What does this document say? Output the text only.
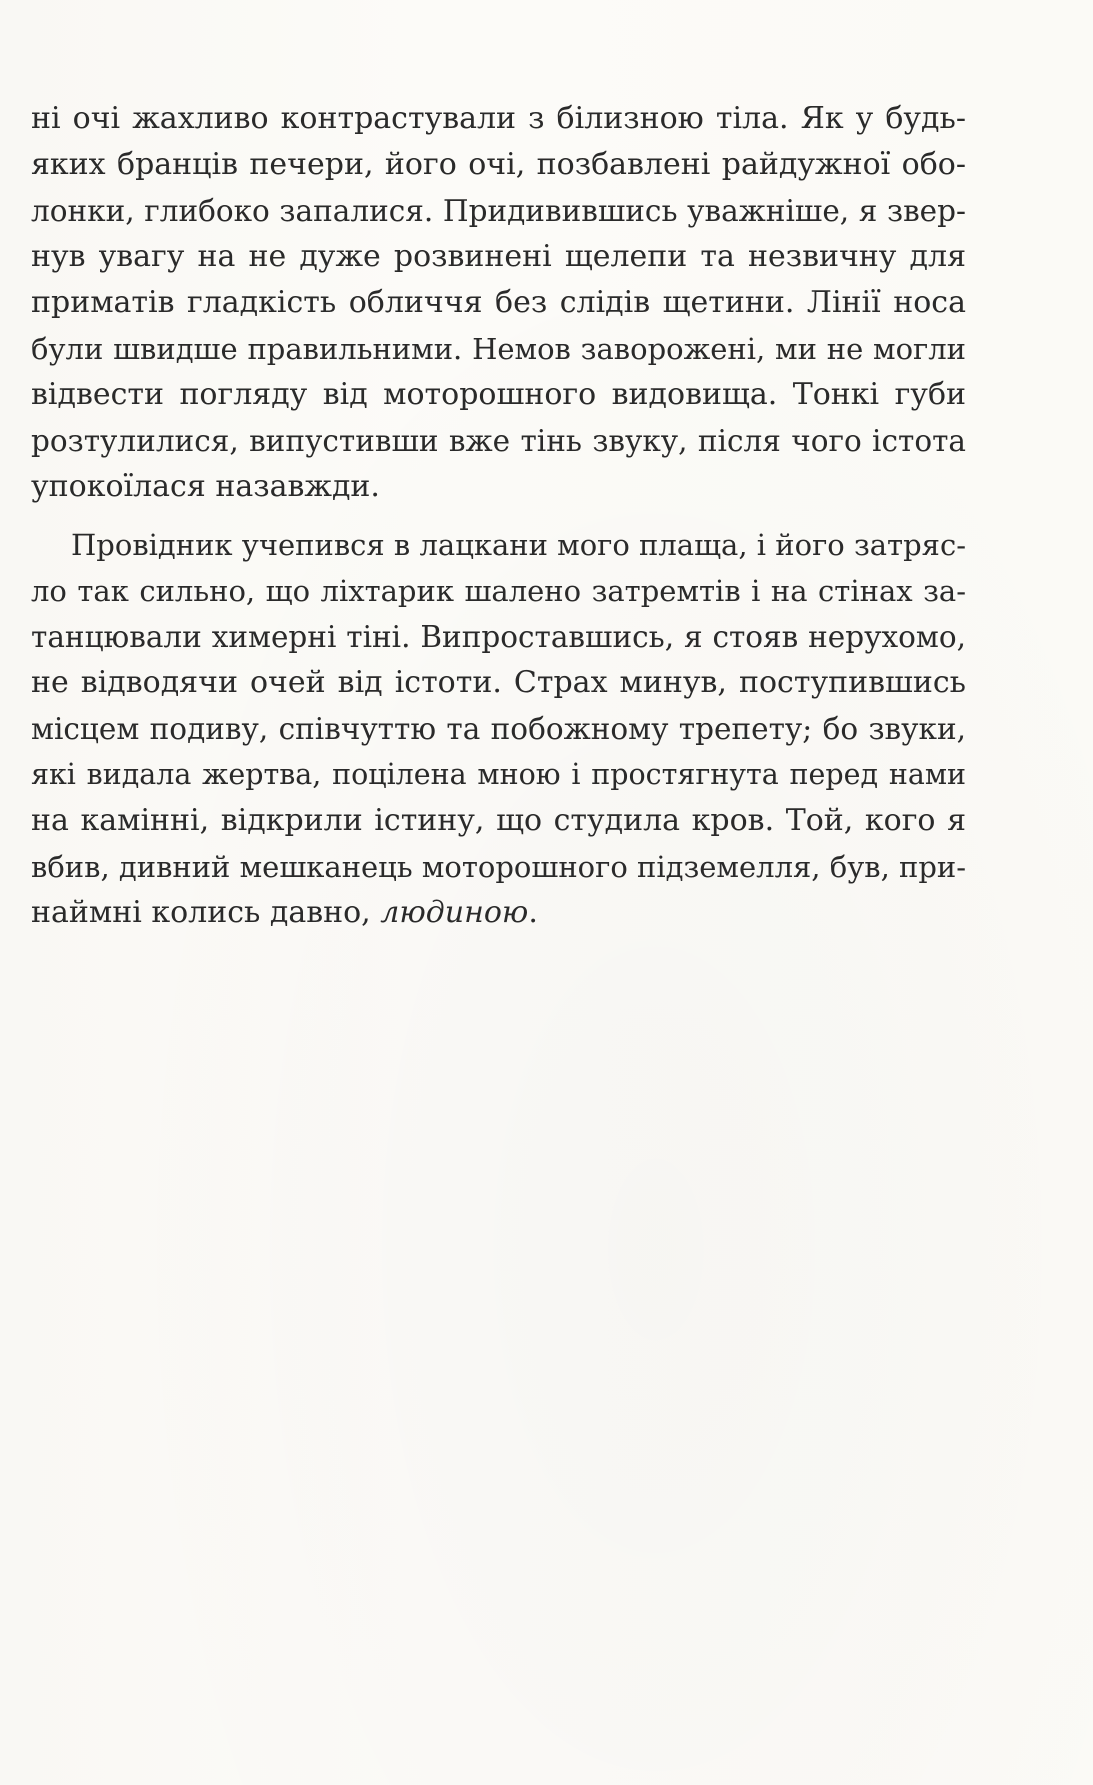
ні очі жахливо контрастували з білизною тіла. Як у будь-
яких бранців печери, його очі, позбавлені райдужної обо-
лонки, глибоко запалися. Придивившись уважніше, я звер-
нув увагу на не дуже розвинені щелепи та незвичну для
приматів гладкість обличчя без слідів щетини. Лінії носа
були швидше правильними. Немов заворожені, ми не могли
відвести погляду від моторошного видовища. Тонкі губи
розтулилися, випустивши вже тінь звуку, після чого істота
упокоїлася назавжди.
Провідник учепився в лацкани мого плаща, і його затряс-
ло так сильно, що ліхтарик шалено затремтів і на стінах за-
танцювали химерні тіні. Випроставшись, я стояв нерухомо,
не відводячи очей від істоти. Страх минув, поступившись
місцем подиву, співчуттю та побожному трепету; бо звуки,
які видала жертва, поцілена мною і простягнута перед нами
на камінні, відкрили істину, що студила кров. Той, кого я
вбив, дивний мешканець моторошного підземелля, був, при-
наймні колись давно, людиною.
